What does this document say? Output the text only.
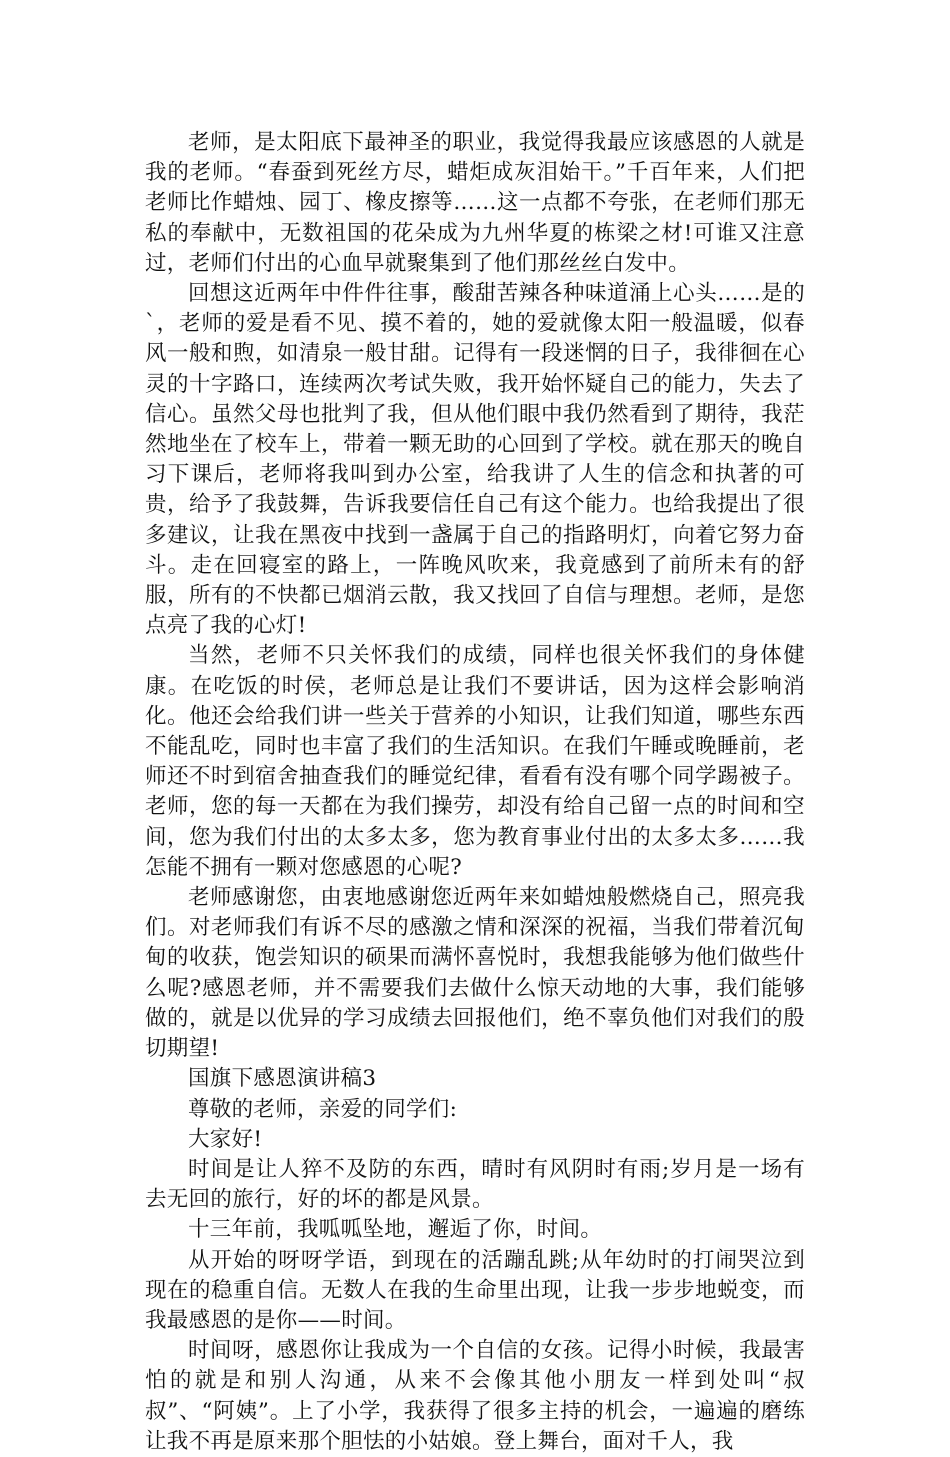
老师，是太阳底下最神圣的职业，我觉得我最应该感恩的人就是我的老师。“春蚕到死丝方尽，蜡炬成灰泪始干。”千百年来，人们把老师比作蜡烛、园丁、橡皮擦等……这一点都不夸张，在老师们那无私的奉献中，无数祖国的花朵成为九州华夏的栋梁之材!可谁又注意过，老师们付出的心血早就聚集到了他们那丝丝白发中。

回想这近两年中件件往事，酸甜苦辣各种味道涌上心头……是的`，老师的爱是看不见、摸不着的，她的爱就像太阳一般温暖，似春风一般和煦，如清泉一般甘甜。记得有一段迷惘的日子，我徘徊在心灵的十字路口，连续两次考试失败，我开始怀疑自己的能力，失去了信心。虽然父母也批判了我，但从他们眼中我仍然看到了期待，我茫然地坐在了校车上，带着一颗无助的心回到了学校。就在那天的晚自习下课后，老师将我叫到办公室，给我讲了人生的信念和执著的可贵，给予了我鼓舞，告诉我要信任自己有这个能力。也给我提出了很多建议，让我在黑夜中找到一盏属于自己的指路明灯，向着它努力奋斗。走在回寝室的路上，一阵晚风吹来，我竟感到了前所未有的舒服，所有的不快都已烟消云散，我又找回了自信与理想。老师，是您点亮了我的心灯!

当然，老师不只关怀我们的成绩，同样也很关怀我们的身体健康。在吃饭的时侯，老师总是让我们不要讲话，因为这样会影响消化。他还会给我们讲一些关于营养的小知识，让我们知道，哪些东西不能乱吃，同时也丰富了我们的生活知识。在我们午睡或晚睡前，老师还不时到宿舍抽查我们的睡觉纪律，看看有没有哪个同学踢被子。老师，您的每一天都在为我们操劳，却没有给自己留一点的时间和空间，您为我们付出的太多太多，您为教育事业付出的太多太多……我怎能不拥有一颗对您感恩的心呢?

老师感谢您，由衷地感谢您近两年来如蜡烛般燃烧自己，照亮我们。对老师我们有诉不尽的感激之情和深深的祝福，当我们带着沉甸甸的收获，饱尝知识的硕果而满怀喜悦时，我想我能够为他们做些什么呢?感恩老师，并不需要我们去做什么惊天动地的大事，我们能够做的，就是以优异的学习成绩去回报他们，绝不辜负他们对我们的殷切期望!

国旗下感恩演讲稿3

尊敬的老师，亲爱的同学们:

大家好!

时间是让人猝不及防的东西，晴时有风阴时有雨;岁月是一场有去无回的旅行，好的坏的都是风景。

十三年前，我呱呱坠地，邂逅了你，时间。

从开始的呀呀学语，到现在的活蹦乱跳;从年幼时的打闹哭泣到现在的稳重自信。无数人在我的生命里出现，让我一步步地蜕变，而我最感恩的是你——时间。

时间呀，感恩你让我成为一个自信的女孩。记得小时候，我最害怕的就是和别人沟通，从来不会像其他小朋友一样到处叫“叔叔”、“阿姨”。上了小学，我获得了很多主持的机会，一遍遍的磨练让我不再是原来那个胆怯的小姑娘。登上舞台，面对千人，我
